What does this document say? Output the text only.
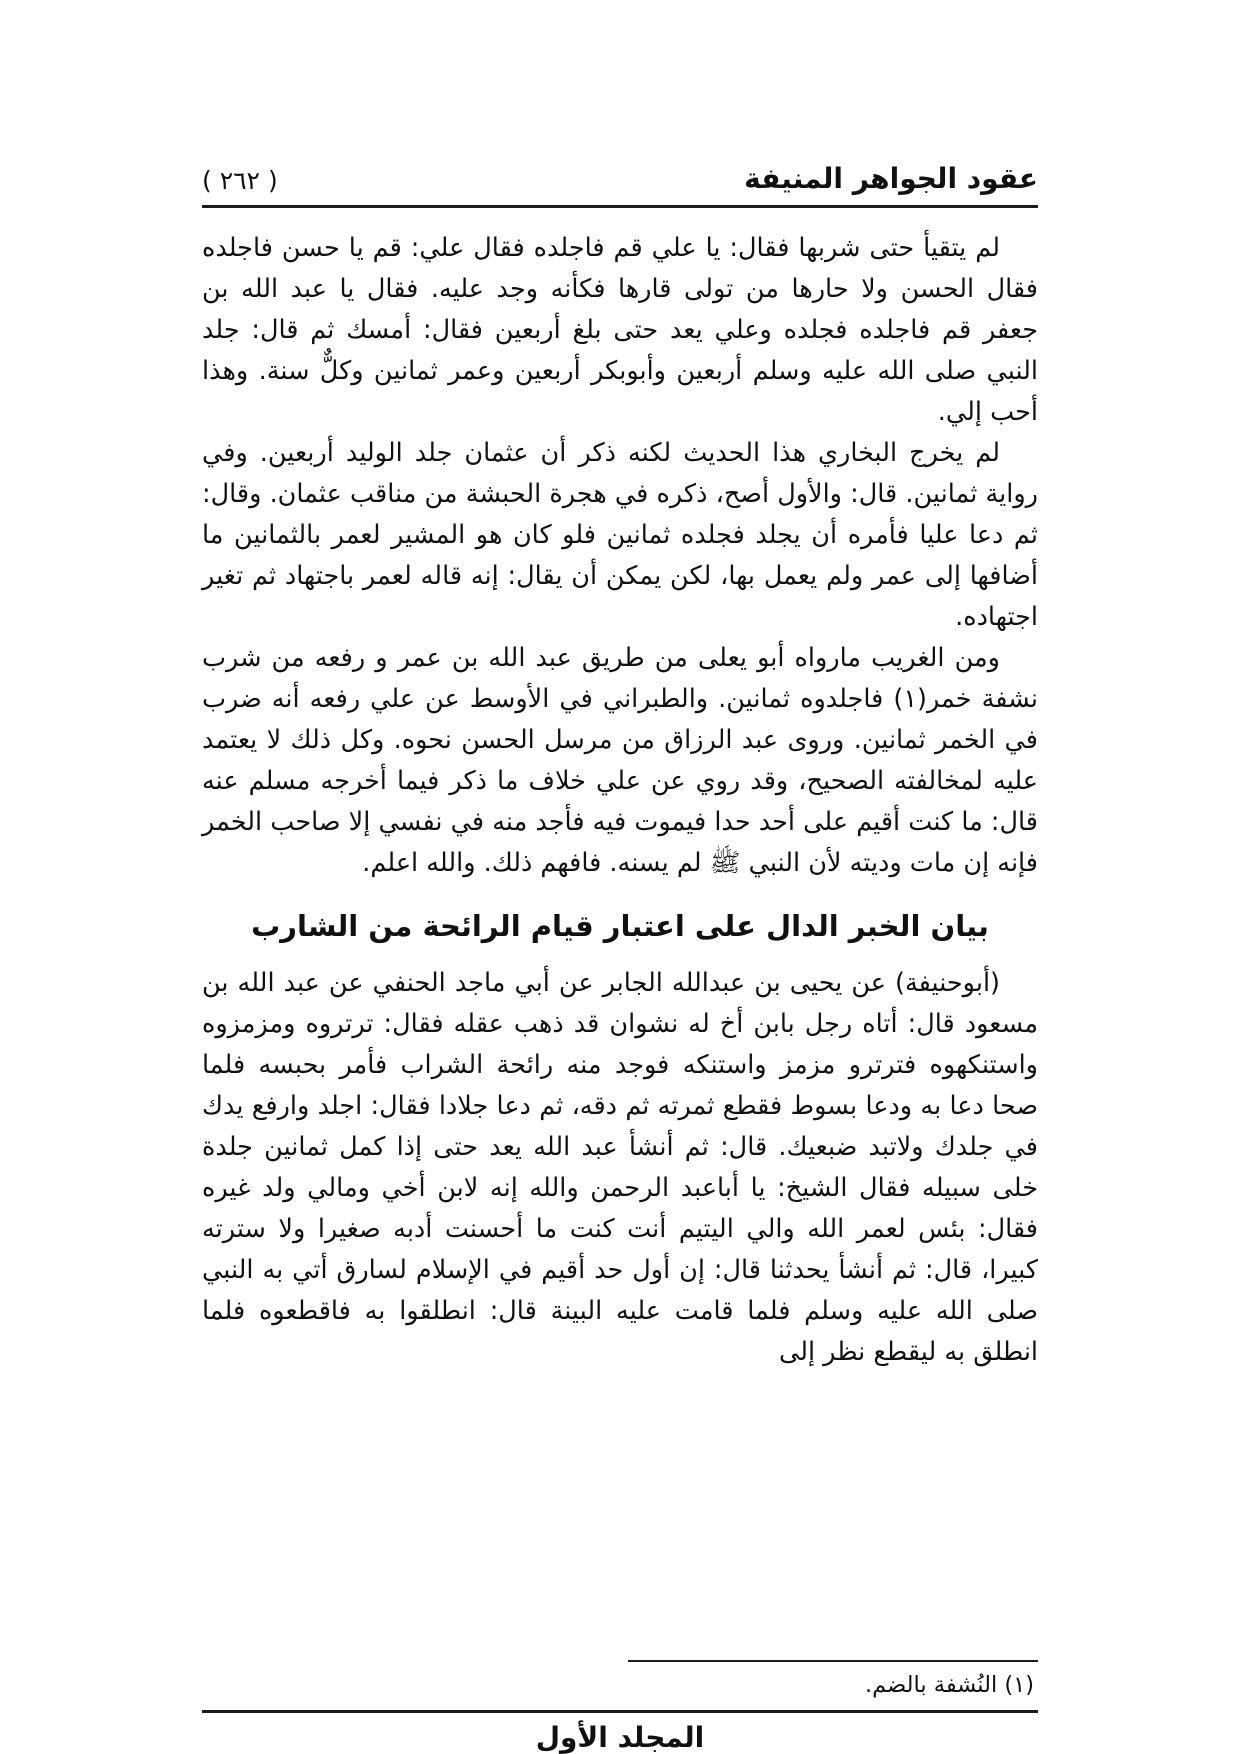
عقود الجواهر المنيفة
( ٢٦٢ )

لم يتقيأ حتى شربها فقال: يا علي قم فاجلده فقال علي: قم يا حسن فاجلده فقال الحسن ولا حارها من تولى قارها فكأنه وجد عليه. فقال يا عبد الله بن جعفر قم فاجلده فجلده وعلي يعد حتى بلغ أربعين فقال: أمسك ثم قال: جلد النبي صلى الله عليه وسلم أربعين وأبوبكر أربعين وعمر ثمانين وكلٌّ سنة. وهذا أحب إلي.

لم يخرج البخاري هذا الحديث لكنه ذكر أن عثمان جلد الوليد أربعين. وفي رواية ثمانين. قال: والأول أصح، ذكره في هجرة الحبشة من مناقب عثمان. وقال: ثم دعا عليا فأمره أن يجلد فجلده ثمانين فلو كان هو المشير لعمر بالثمانين ما أضافها إلى عمر ولم يعمل بها، لكن يمكن أن يقال: إنه قاله لعمر باجتهاد ثم تغير اجتهاده.

ومن الغريب مارواه أبو يعلى من طريق عبد الله بن عمر و رفعه من شرب نشفة خمر(١) فاجلدوه ثمانين. والطبراني في الأوسط عن علي رفعه أنه ضرب في الخمر ثمانين. وروى عبد الرزاق من مرسل الحسن نحوه. وكل ذلك لا يعتمد عليه لمخالفته الصحيح، وقد روي عن علي خلاف ما ذكر فيما أخرجه مسلم عنه قال: ما كنت أقيم على أحد حدا فيموت فيه فأجد منه في نفسي إلا صاحب الخمر فإنه إن مات وديته لأن النبي ﷺ لم يسنه. فافهم ذلك. والله اعلم.

بيان الخبر الدال على اعتبار قيام الرائحة من الشارب

(أبوحنيفة) عن يحيى بن عبدالله الجابر عن أبي ماجد الحنفي عن عبد الله بن مسعود قال: أتاه رجل بابن أخ له نشوان قد ذهب عقله فقال: ترتروه ومزمزوه واستنكهوه فترترو مزمز واستنكه فوجد منه رائحة الشراب فأمر بحبسه فلما صحا دعا به ودعا بسوط فقطع ثمرته ثم دقه، ثم دعا جلادا فقال: اجلد وارفع يدك في جلدك ولاتبد ضبعيك. قال: ثم أنشأ عبد الله يعد حتى إذا كمل ثمانين جلدة خلى سبيله فقال الشيخ: يا أباعبد الرحمن والله إنه لابن أخي ومالي ولد غيره فقال: بئس لعمر الله والي اليتيم أنت كنت ما أحسنت أدبه صغيرا ولا سترته كبيرا، قال: ثم أنشأ يحدثنا قال: إن أول حد أقيم في الإسلام لسارق أتي به النبي صلى الله عليه وسلم فلما قامت عليه البينة قال: انطلقوا به فاقطعوه فلما انطلق به ليقطع نظر إلى

(١) النُشفة بالضم.

المجلد الأول
